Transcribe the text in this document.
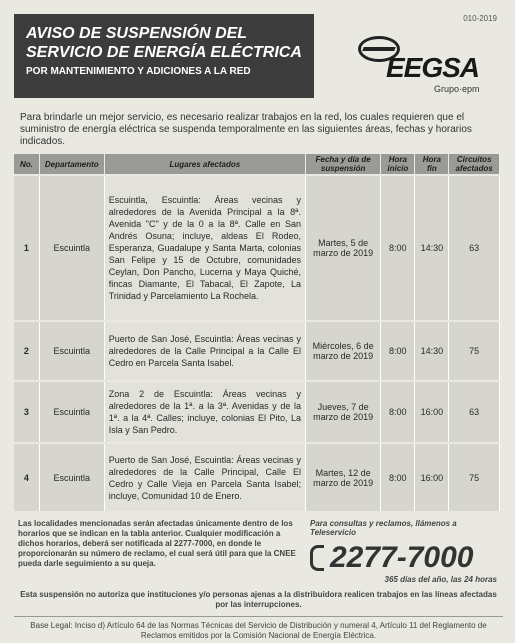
010-2019
AVISO DE SUSPENSIÓN DEL
SERVICIO DE ENERGÍA ELÉCTRICA
POR MANTENIMIENTO Y ADICIONES A LA RED	EEGSA
Grupo·epm
Para brindarle un mejor servicio, es necesario realizar trabajos en la red, los cuales requieren que el suministro de energía eléctrica se suspenda temporalmente en las siguientes áreas, fechas y horarios indicados.
No.	Departamento	Lugares afectados	Fecha y día de suspensión	Hora inicio	Hora fin	Circuitos afectados
1	Escuintla	Escuintla, Escuintla: Áreas vecinas y alrededores de la Avenida Principal a la 8ª. Avenida "C" y de la 0 a la 8ª. Calle en San Andrés Osuna; incluye, aldeas El Rodeo, Esperanza, Guadalupe y Santa Marta, colonias San Felipe y 15 de Octubre, comunidades Ceylan, Don Pancho, Lucerna y Maya Quiché, fincas Diamante, El Tabacal, El Zapote, La Trinidad y Parcelamiento La Rochela.	Martes, 5 de marzo de 2019	8:00	14:30	63
2	Escuintla	Puerto de San José, Escuintla: Áreas vecinas y alrededores de la Calle Principal a la Calle El Cedro en Parcela Santa Isabel.	Miércoles, 6 de marzo de 2019	8:00	14:30	75
3	Escuintla	Zona 2 de Escuintla: Áreas vecinas y alrededores de la 1ª. a la 3ª. Avenidas y de la 1ª. a la 4ª. Calles; incluye, colonias El Pito, La Isla y San Pedro.	Jueves, 7 de marzo de 2019	8:00	16:00	63
4	Escuintla	Puerto de San José, Escuintla: Áreas vecinas y alrededores de la Calle Principal, Calle El Cedro y Calle Vieja en Parcela Santa Isabel; incluye, Comunidad 10 de Enero.	Martes, 12 de marzo de 2019	8:00	16:00	75
Las localidades mencionadas serán afectadas únicamente dentro de los horarios que se indican en la tabla anterior. Cualquier modificación a dichos horarios, deberá ser notificada al 2277-7000, en donde le proporcionarán su número de reclamo, el cual será útil para que la CNEE pueda darle seguimiento a su queja.
Para consultas y reclamos, llámenos a Teleservicio
2277-7000
365 días del año, las 24 horas
Esta suspensión no autoriza que instituciones y/o personas ajenas a la distribuidora realicen trabajos en las líneas afectadas por las interrupciones.
Base Legal: Inciso d) Artículo 64 de las Normas Técnicas del Servicio de Distribución y numeral 4, Artículo 11 del Reglamento de Reclamos emitidos por la Comisión Nacional de Energía Eléctrica.
